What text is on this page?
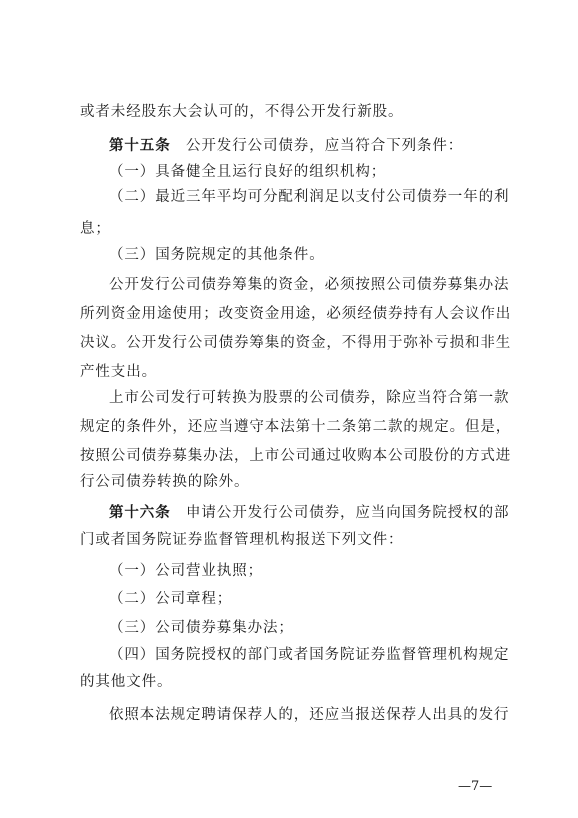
或者未经股东大会认可的，不得公开发行新股。
第十五条　公开发行公司债券，应当符合下列条件：
（一）具备健全且运行良好的组织机构；
（二）最近三年平均可分配利润足以支付公司债券一年的利
息；
（三）国务院规定的其他条件。
公开发行公司债券筹集的资金，必须按照公司债券募集办法
所列资金用途使用；改变资金用途，必须经债券持有人会议作出
决议。公开发行公司债券筹集的资金，不得用于弥补亏损和非生
产性支出。
上市公司发行可转换为股票的公司债券，除应当符合第一款
规定的条件外，还应当遵守本法第十二条第二款的规定。但是，
按照公司债券募集办法，上市公司通过收购本公司股份的方式进
行公司债券转换的除外。
第十六条　申请公开发行公司债券，应当向国务院授权的部
门或者国务院证券监督管理机构报送下列文件：
（一）公司营业执照；
（二）公司章程；
（三）公司债券募集办法；
（四）国务院授权的部门或者国务院证券监督管理机构规定
的其他文件。
依照本法规定聘请保荐人的，还应当报送保荐人出具的发行
—7—
